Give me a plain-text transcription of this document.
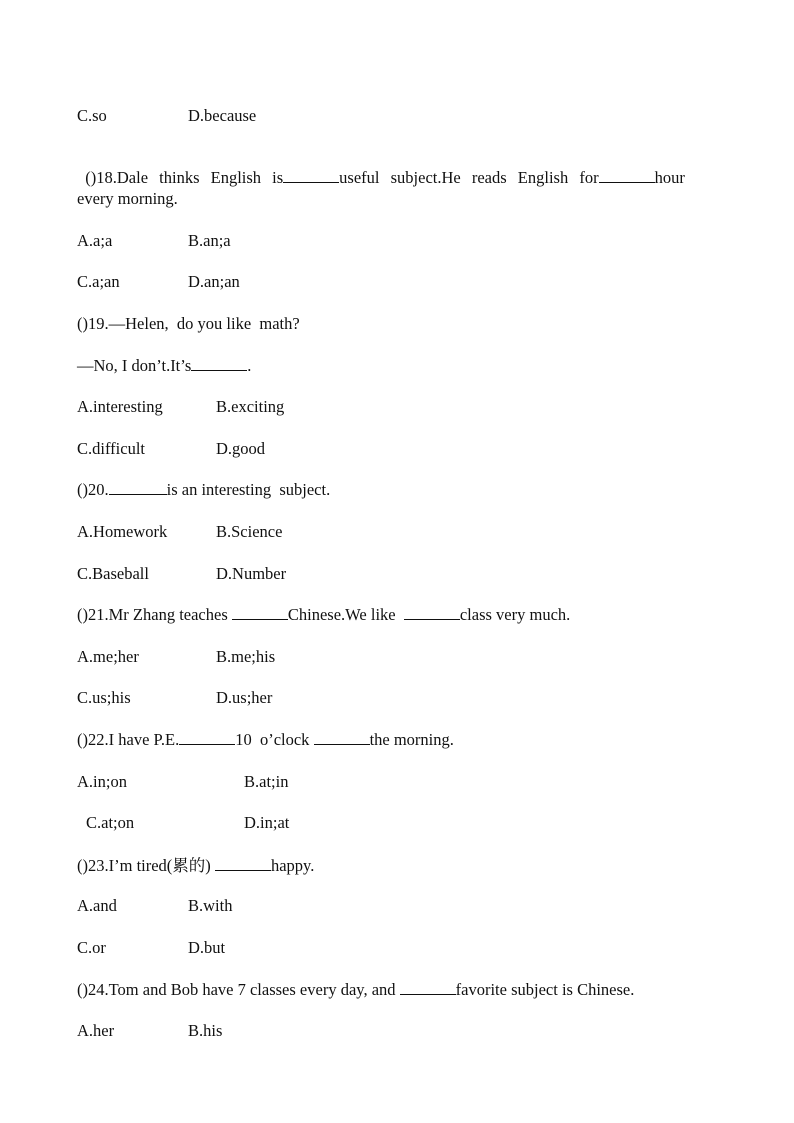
C.so	D.because

()18.Dale thinks English is	useful subject.He reads English for	hour

every morning.
A.a;a	B.an;a
C.a;an	D.an;an
()19.—Helen,  do you like  math?
—No, I don’t.It’s	.
A.interesting	B.exciting
C.difficult	D.good
()20.	is an interesting  subject.
A.Homework	B.Science
C.Baseball	D.Number
()21.Mr Zhang teaches	Chinese.We like	class very much.
A.me;her	B.me;his
C.us;his	D.us;her
()22.I have P.E.	10  o’clock	the morning.
A.in;on	B.at;in
C.at;on	D.in;at
()23.I’m tired(累的)	happy.
A.and	B.with
C.or	D.but
()24.Tom and Bob have 7 classes every day, and	favorite subject is Chinese.
A.her	B.his
